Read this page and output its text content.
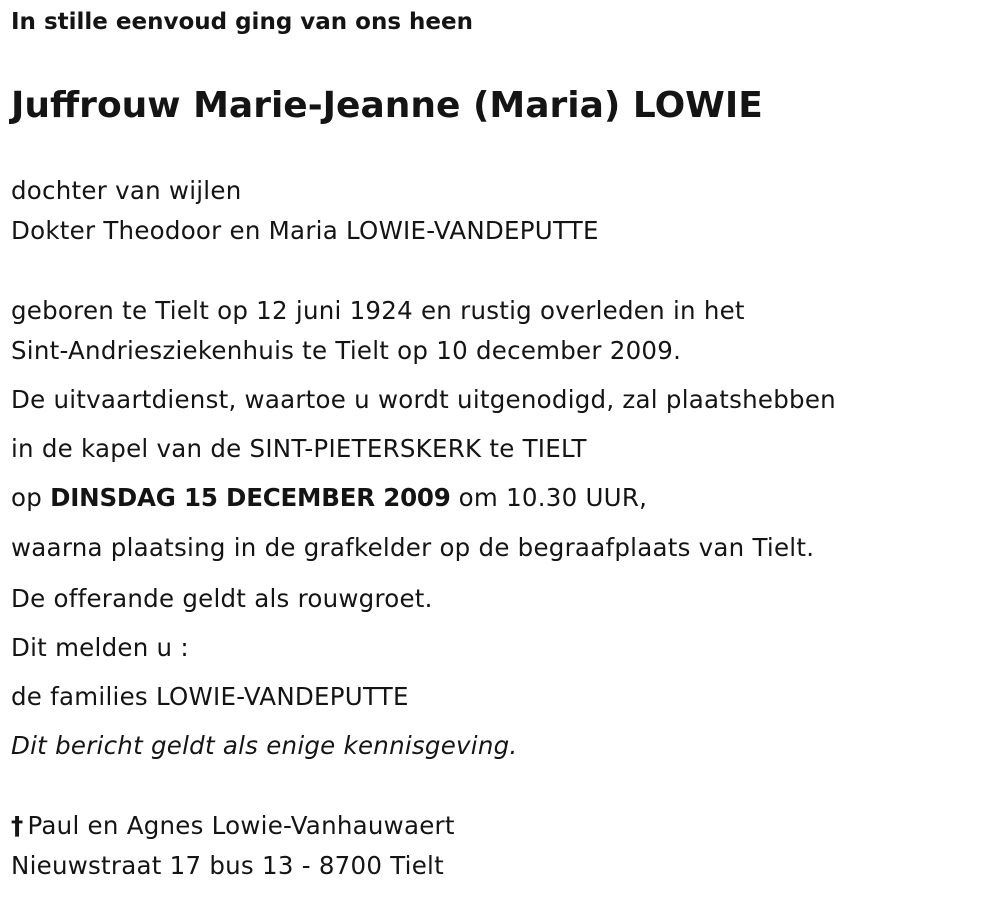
In stille eenvoud ging van ons heen

Juffrouw Marie-Jeanne (Maria) LOWIE

dochter van wijlen

Dokter Theodoor en Maria LOWIE-VANDEPUTTE

geboren te Tielt op 12 juni 1924 en rustig overleden in het

Sint-Andriesziekenhuis te Tielt op 10 december 2009.

De uitvaartdienst, waartoe u wordt uitgenodigd, zal plaatshebben

in de kapel van de SINT-PIETERSKERK te TIELT

op DINSDAG 15 DECEMBER 2009 om 10.30 UUR,

waarna plaatsing in de grafkelder op de begraafplaats van Tielt.

De offerande geldt als rouwgroet.

Dit melden u :

de families LOWIE-VANDEPUTTE

Dit bericht geldt als enige kennisgeving.

† Paul en Agnes Lowie-Vanhauwaert

Nieuwstraat 17 bus 13 - 8700 Tielt
